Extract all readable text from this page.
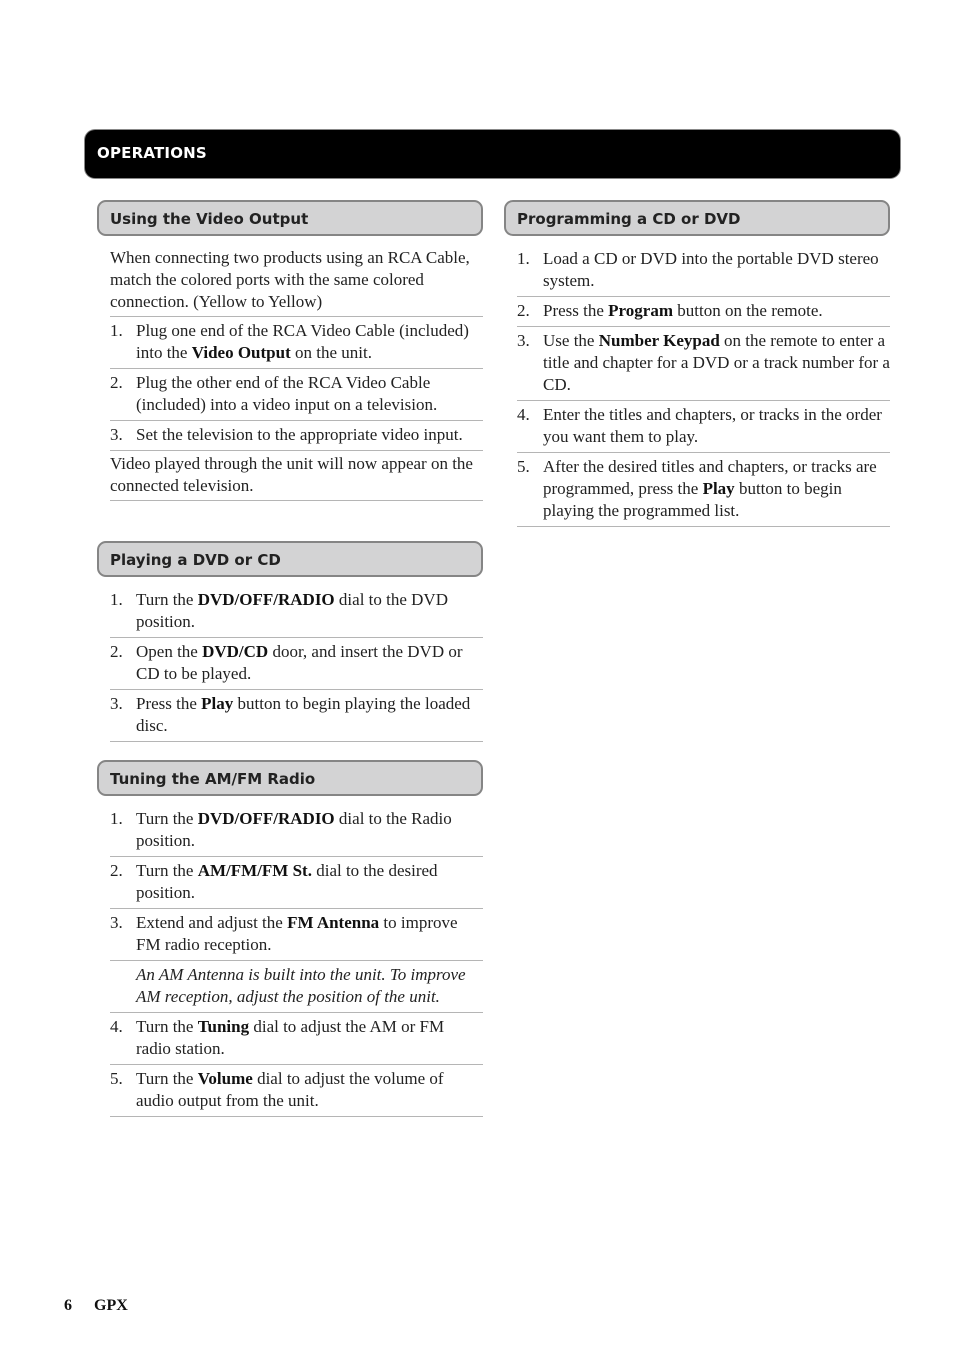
OPERATIONS
Using the Video Output
When connecting two products using an RCA Cable, match the colored ports with the same colored connection. (Yellow to Yellow)
1. Plug one end of the RCA Video Cable (included) into the Video Output on the unit.
2. Plug the other end of the RCA Video Cable (included) into a video input on a television.
3. Set the television to the appropriate video input.
Video played through the unit will now appear on the connected television.
Playing a DVD or CD
1. Turn the DVD/OFF/RADIO dial to the DVD position.
2. Open the DVD/CD door, and insert the DVD or CD to be played.
3. Press the Play button to begin playing the loaded disc.
Tuning the AM/FM Radio
1. Turn the DVD/OFF/RADIO dial to the Radio position.
2. Turn the AM/FM/FM St. dial to the desired position.
3. Extend and adjust the FM Antenna to improve FM radio reception.
An AM Antenna is built into the unit. To improve AM reception, adjust the position of the unit.
4. Turn the Tuning dial to adjust the AM or FM radio station.
5. Turn the Volume dial to adjust the volume of audio output from the unit.
Programming a CD or DVD
1. Load a CD or DVD into the portable DVD stereo system.
2. Press the Program button on the remote.
3. Use the Number Keypad on the remote to enter a title and chapter for a DVD or a track number for a CD.
4. Enter the titles and chapters, or tracks in the order you want them to play.
5. After the desired titles and chapters, or tracks are programmed, press the Play button to begin playing the programmed list.
6 GPX
